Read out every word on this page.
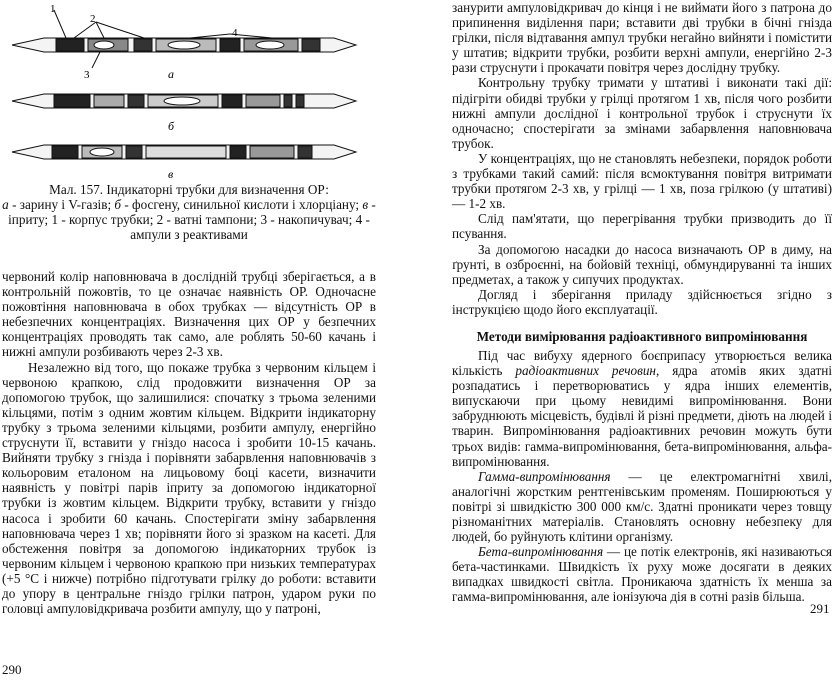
1
2
3
4
а
б
в
Мал. 157. Індикаторні трубки для визначення ОР:
а - зарину і V-газів; б - фосгену, синильної кислоти і хлорціану; в - іприту; 1 - корпус трубки; 2 - ватні тампони; 3 - накопичувач; 4 - ампули з реактивами

червоний колір наповнювача в дослідній трубці зберігається, а в контрольній пожовтів, то це означає наявність ОР. Одночасне пожовтіння наповнювача в обох трубках — відсутність ОР в небезпечних концентраціях. Визначення цих ОР у безпечних концентраціях проводять так само, але роблять 50-60 качань і нижні ампули розбивають через 2-3 хв.

Незалежно від того, що покаже трубка з червоним кільцем і червоною крапкою, слід продовжити визначення ОР за допомогою трубок, що залишилися: спочатку з трьома зеленими кільцями, потім з одним жовтим кільцем. Відкрити індикаторну трубку з трьома зеленими кільцями, розбити ампулу, енергійно струснути її, вставити у гніздо насоса і зробити 10-15 качань. Вийняти трубку з гнізда і порівняти забарвлення наповнювачів з кольоровим еталоном на лицьовому боці касети, визначити наявність у повітрі парів іприту за допомогою індикаторної трубки із жовтим кільцем. Відкрити трубку, вставити у гніздо насоса і зробити 60 качань. Спостерігати зміну забарвлення наповнювача через 1 хв; порівняти його зі зразком на касеті. Для обстеження повітря за допомогою індикаторних трубок із червоним кільцем і червоною крапкою при низьких температурах (+5 °С і нижче) потрібно підготувати грілку до роботи: вставити до упору в центральне гніздо грілки патрон, ударом руки по головці ампуловідкривача розбити ампулу, що у патроні,

занурити ампуловідкривач до кінця і не виймати його з патрона до припинення виділення пари; вставити дві трубки в бічні гнізда грілки, після відтавання ампул трубки негайно вийняти і помістити у штатив; відкрити трубки, розбити верхні ампули, енергійно 2-3 рази струснути і прокачати повітря через дослідну трубку.

Контрольну трубку тримати у штативі і виконати такі дії: підігріти обидві трубки у грілці протягом 1 хв, після чого розбити нижні ампули дослідної і контрольної трубок і струснути їх одночасно; спостерігати за змінами забарвлення наповнювача трубок.

У концентраціях, що не становлять небезпеки, порядок роботи з трубками такий самий: після всмоктування повітря витримати трубки протягом 2-3 хв, у грілці — 1 хв, поза грілкою (у штативі) — 1-2 хв.

Слід пам'ятати, що перегрівання трубки призводить до її псування.

За допомогою насадки до насоса визначають ОР в диму, на ґрунті, в озброєнні, на бойовій техніці, обмундируванні та інших предметах, а також у сипучих продуктах.

Догляд і зберігання приладу здійснюється згідно з інструкцією щодо його експлуатації.

Методи вимірювання радіоактивного випромінювання

Під час вибуху ядерного боєприпасу утворюється велика кількість радіоактивних речовин, ядра атомів яких здатні розпадатись і перетворюватись у ядра інших елементів, випускаючи при цьому невидимі випромінювання. Вони забруднюють місцевість, будівлі й різні предмети, діють на людей і тварин. Випромінювання радіоактивних речовин можуть бути трьох видів: гамма-випромінювання, бета-випромінювання, альфа-випромінювання.

Гамма-випромінювання — це електромагнітні хвилі, аналогічні жорстким рентгенівським променям. Поширюються у повітрі зі швидкістю 300 000 км/с. Здатні проникати через товщу різноманітних матеріалів. Становлять основну небезпеку для людей, бо руйнують клітини організму.

Бета-випромінювання — це потік електронів, які називаються бета-частинками. Швидкість їх руху може досягати в деяких випадках швидкості світла. Проникаюча здатність їх менша за гамма-випромінювання, але іонізуюча дія в сотні разів більша.

290
291
